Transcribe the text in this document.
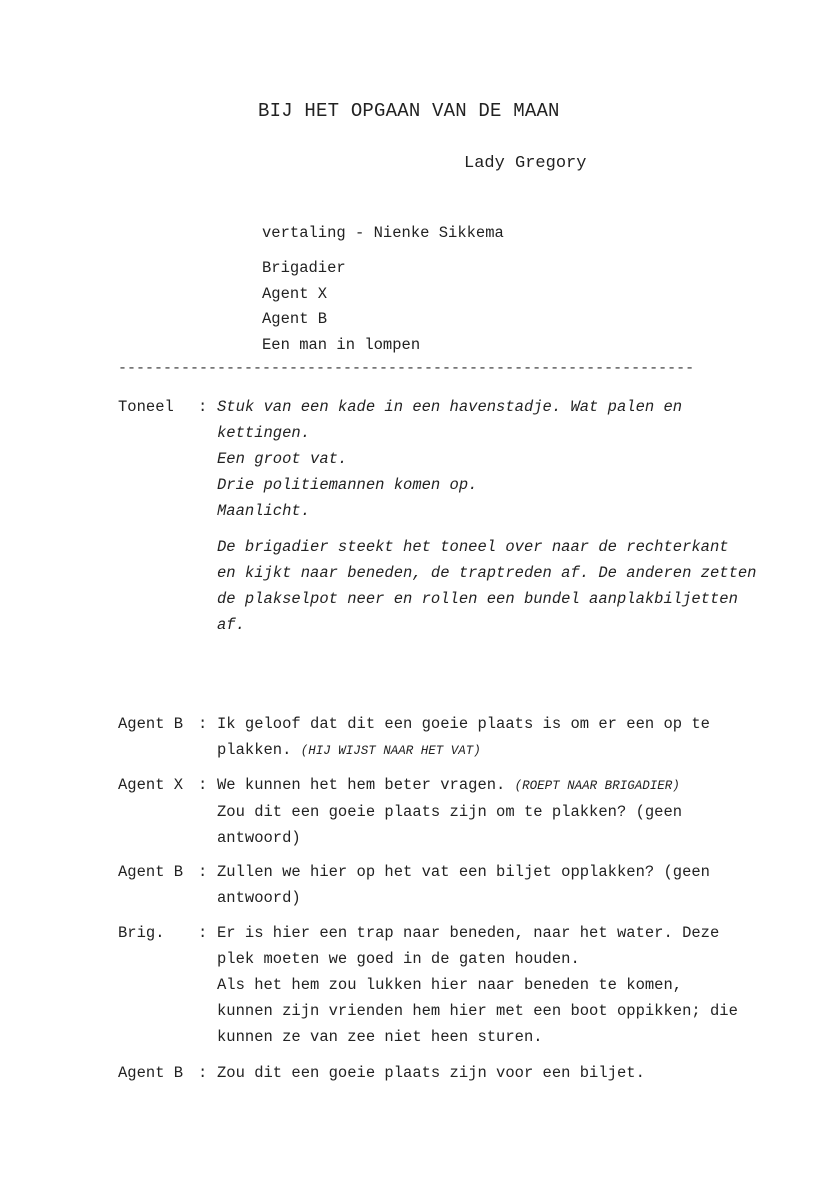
BIJ HET OPGAAN VAN DE MAAN
Lady Gregory
vertaling - Nienke Sikkema
Brigadier
Agent X
Agent B
Een man in lompen
----------------------------------------------------------------
Toneel	: Stuk van een kade in een havenstadje. Wat palen en
kettingen.
Een groot vat.
Drie politiemannen komen op.
Maanlicht.
De brigadier steekt het toneel over naar de rechterkant
en kijkt naar beneden, de traptreden af. De anderen zetten
de plakselpot neer en rollen een bundel aanplakbiljetten
af.
Agent B : Ik geloof dat dit een goeie plaats is om er een op te
plakken. (HIJ WIJST NAAR HET VAT)
Agent X : We kunnen het hem beter vragen. (ROEPT NAAR BRIGADIER)
Zou dit een goeie plaats zijn om te plakken? (geen
antwoord)
Agent B : Zullen we hier op het vat een biljet opplakken? (geen
antwoord)
Brig.	: Er is hier een trap naar beneden, naar het water. Deze
plek moeten we goed in de gaten houden.
Als het hem zou lukken hier naar beneden te komen,
kunnen zijn vrienden hem hier met een boot oppikken; die
kunnen ze van zee niet heen sturen.
Agent B : Zou dit een goeie plaats zijn voor een biljet.
